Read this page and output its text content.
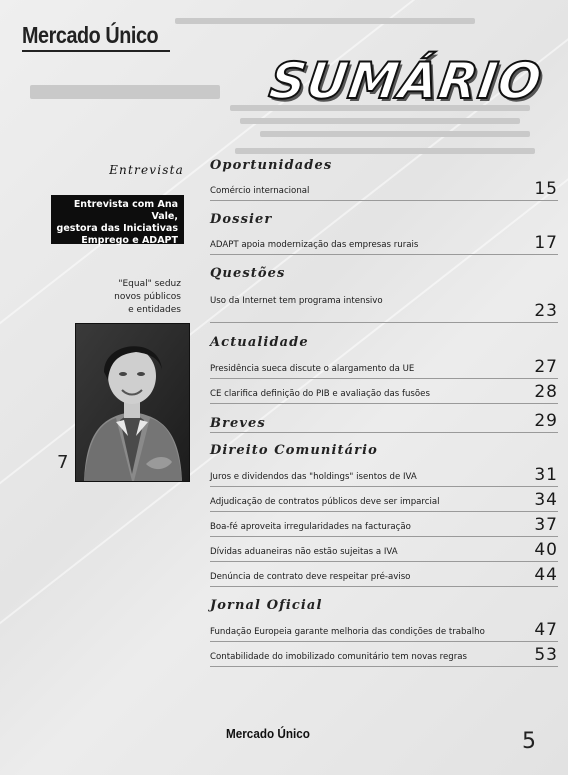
Mercado Único
SUMÁRIO
Entrevista
Entrevista com Ana Vale,
gestora das Iniciativas
Emprego e ADAPT
"Equal" seduz
novos públicos
e entidades
7
Oportunidades
Comércio internacional	15
Dossier
ADAPT apoia modernização das empresas rurais	17
Questões
Uso da Internet tem programa intensivo	23
Actualidade
Presidência sueca discute o alargamento da UE	27
CE clarifica definição do PIB e avaliação das fusões	28
Breves	29
Direito Comunitário
Juros e dividendos das "holdings" isentos de IVA	31
Adjudicação de contratos públicos deve ser imparcial	34
Boa-fé aproveita irregularidades na facturação	37
Dívidas aduaneiras não estão sujeitas a IVA	40
Denúncia de contrato deve respeitar pré-aviso	44
Jornal Oficial
Fundação Europeia garante melhoria das condições de trabalho	47
Contabilidade do imobilizado comunitário tem novas regras	53
Mercado Único	5
